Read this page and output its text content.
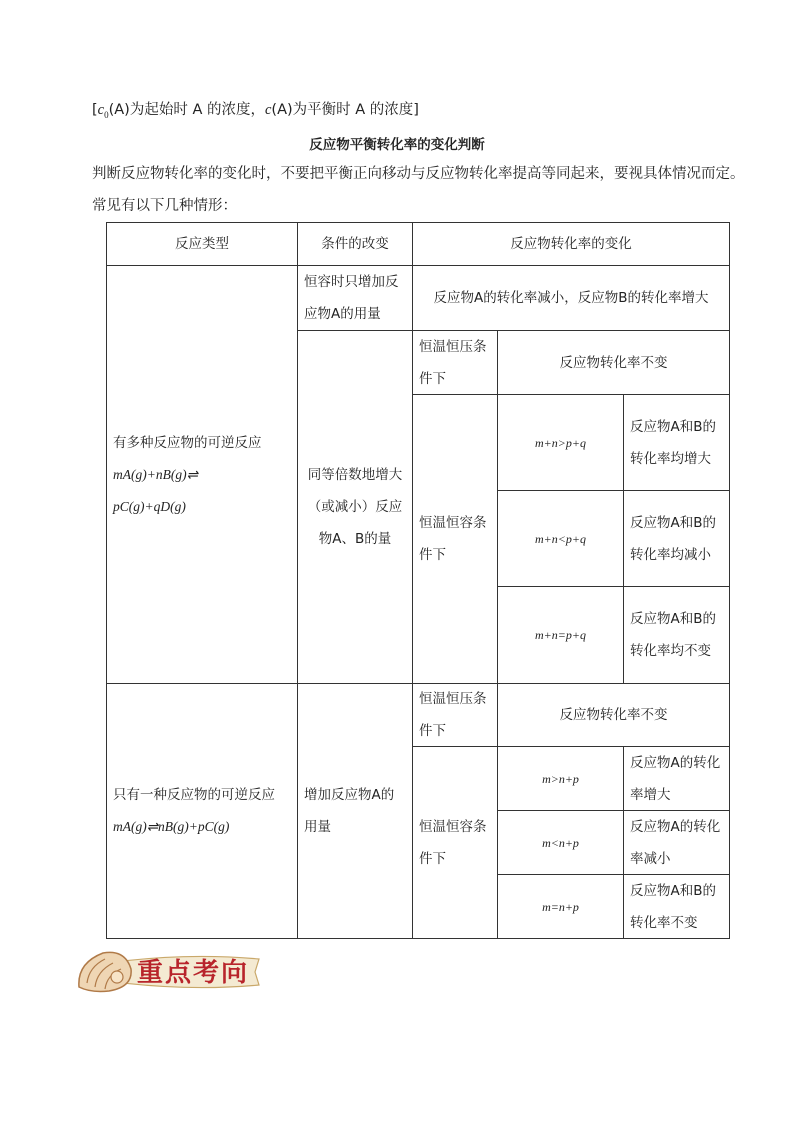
[$c_0(A)$为起始时 A 的浓度，c(A)为平衡时 A 的浓度]
反应物平衡转化率的变化判断
判断反应物转化率的变化时，不要把平衡正向移动与反应物转化率提高等同起来，要视具体情况而定。
常见有以下几种情形：
反应类型	条件的改变	反应物转化率的变化
有多种反应物的可逆反应
mA(g)+nB(g)⇌
pC(g)+qD(g)
恒容时只增加反应物A的用量
反应物A的转化率减小，反应物B的转化率增大
同等倍数地增大（或减小）反应物A、B的量
恒温恒压条件下
反应物转化率不变
恒温恒容条件下
m+n>p+q
反应物A和B的转化率均增大
m+n<p+q
反应物A和B的转化率均减小
m+n=p+q
反应物A和B的转化率均不变
只有一种反应物的可逆反应
mA(g)⇌nB(g)+pC(g)
增加反应物A的用量
恒温恒压条件下
反应物转化率不变
恒温恒容条件下
m>n+p
反应物A的转化率增大
m<n+p
反应物A的转化率减小
m=n+p
反应物A和B的转化率不变
重点考向
